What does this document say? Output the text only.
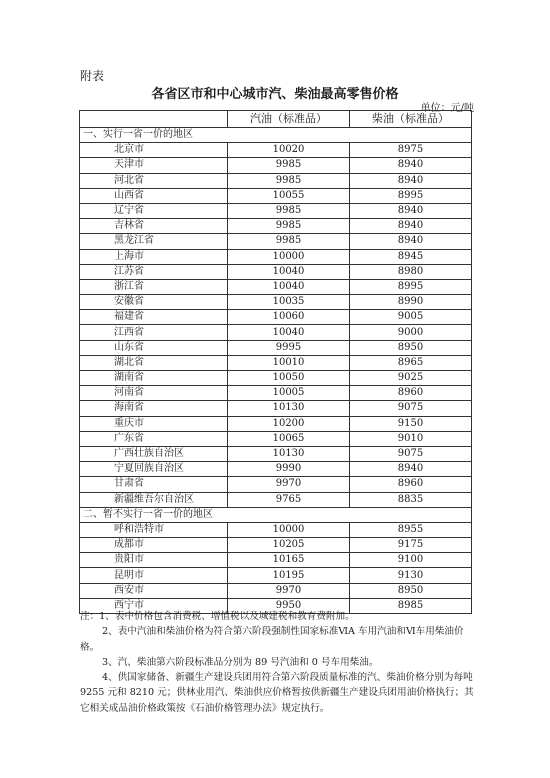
附表
各省区市和中心城市汽、柴油最高零售价格
单位：元/吨
	汽油（标准品）	柴油（标准品）
一、实行一省一价的地区		
北京市	10020	8975
天津市	9985	8940
河北省	9985	8940
山西省	10055	8995
辽宁省	9985	8940
吉林省	9985	8940
黑龙江省	9985	8940
上海市	10000	8945
江苏省	10040	8980
浙江省	10040	8995
安徽省	10035	8990
福建省	10060	9005
江西省	10040	9000
山东省	9995	8950
湖北省	10010	8965
湖南省	10050	9025
河南省	10005	8960
海南省	10130	9075
重庆市	10200	9150
广东省	10065	9010
广西壮族自治区	10130	9075
宁夏回族自治区	9990	8940
甘肃省	9970	8960
新疆维吾尔自治区	9765	8835
二、暂不实行一省一价的地区		
呼和浩特市	10000	8955
成都市	10205	9175
贵阳市	10165	9100
昆明市	10195	9130
西安市	9970	8950
西宁市	9950	8985

注：1、表中价格包含消费税、增值税以及城建税和教育费附加。

2、表中汽油和柴油价格为符合第六阶段强制性国家标准ⅥA 车用汽油和Ⅵ车用柴油价格。

3、汽、柴油第六阶段标准品分别为 89 号汽油和 0 号车用柴油。

4、供国家储备、新疆生产建设兵团用符合第六阶段质量标准的汽、柴油价格分别为每吨 9255 元和 8210 元；供林业用汽、柴油供应价格暂按供新疆生产建设兵团用油价格执行；其它相关成品油价格政策按《石油价格管理办法》规定执行。
